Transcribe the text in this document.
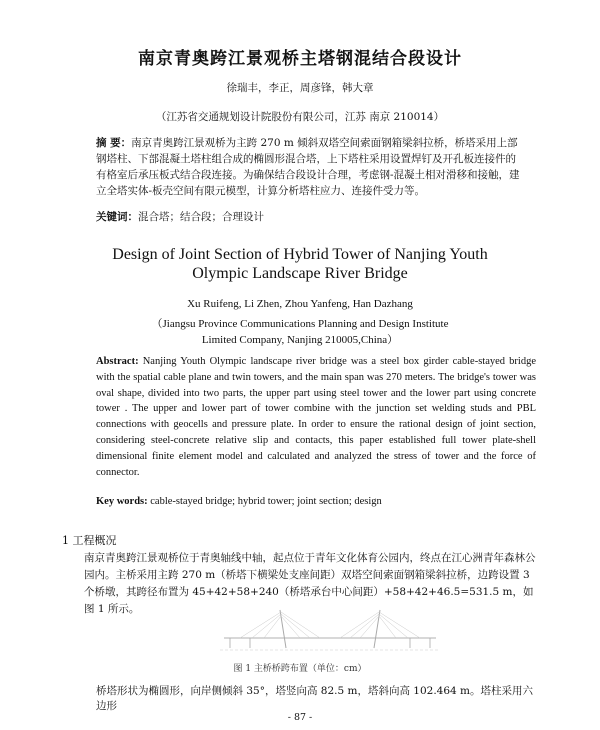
南京青奥跨江景观桥主塔钢混结合段设计
徐瑞丰，李正，周彦锋，韩大章
（江苏省交通规划设计院股份有限公司，江苏 南京 210014）
摘 要：南京青奥跨江景观桥为主跨 270 m 倾斜双塔空间索面钢箱梁斜拉桥，桥塔采用上部钢塔柱、下部混凝土塔柱组合成的椭圆形混合塔，上下塔柱采用设置焊钉及开孔板连接件的有格室后承压板式结合段连接。为确保结合段设计合理，考虑钢-混凝土相对滑移和接触，建立全塔实体-板壳空间有限元模型，计算分析塔柱应力、连接件受力等。
关键词：混合塔；结合段；合理设计
Design of Joint Section of Hybrid Tower of Nanjing Youth
Olympic Landscape River Bridge
Xu Ruifeng, Li Zhen, Zhou Yanfeng, Han Dazhang
（Jiangsu Province Communications Planning and Design Institute
Limited Company, Nanjing 210005,China）
Abstract: Nanjing Youth Olympic landscape river bridge was a steel box girder cable-stayed bridge with the spatial cable plane and twin towers, and the main span was 270 meters. The bridge's tower was oval shape, divided into two parts, the upper part using steel tower and the lower part using concrete tower . The upper and lower part of tower combine with the junction set welding studs and PBL connections with geocells and pressure plate. In order to ensure the rational design of joint section, considering steel-concrete relative slip and contacts, this paper established full tower plate-shell dimensional finite element model and calculated and analyzed the stress of tower and the force of connector.
Key words: cable-stayed bridge; hybrid tower; joint section; design
1 工程概况
南京青奥跨江景观桥位于青奥轴线中轴，起点位于青年文化体育公园内，终点在江心洲青年森林公园内。主桥采用主跨 270 m（桥塔下横梁处支座间距）双塔空间索面钢箱梁斜拉桥，边跨设置 3 个桥墩，其跨径布置为 45+42+58+240（桥塔承台中心间距）+58+42+46.5=531.5 m，如图 1 所示。
图 1 主桥桥跨布置（单位：cm）
桥塔形状为椭圆形，向岸侧倾斜 35°，塔竖向高 82.5 m，塔斜向高 102.464 m。塔柱采用六边形
- 87 -
